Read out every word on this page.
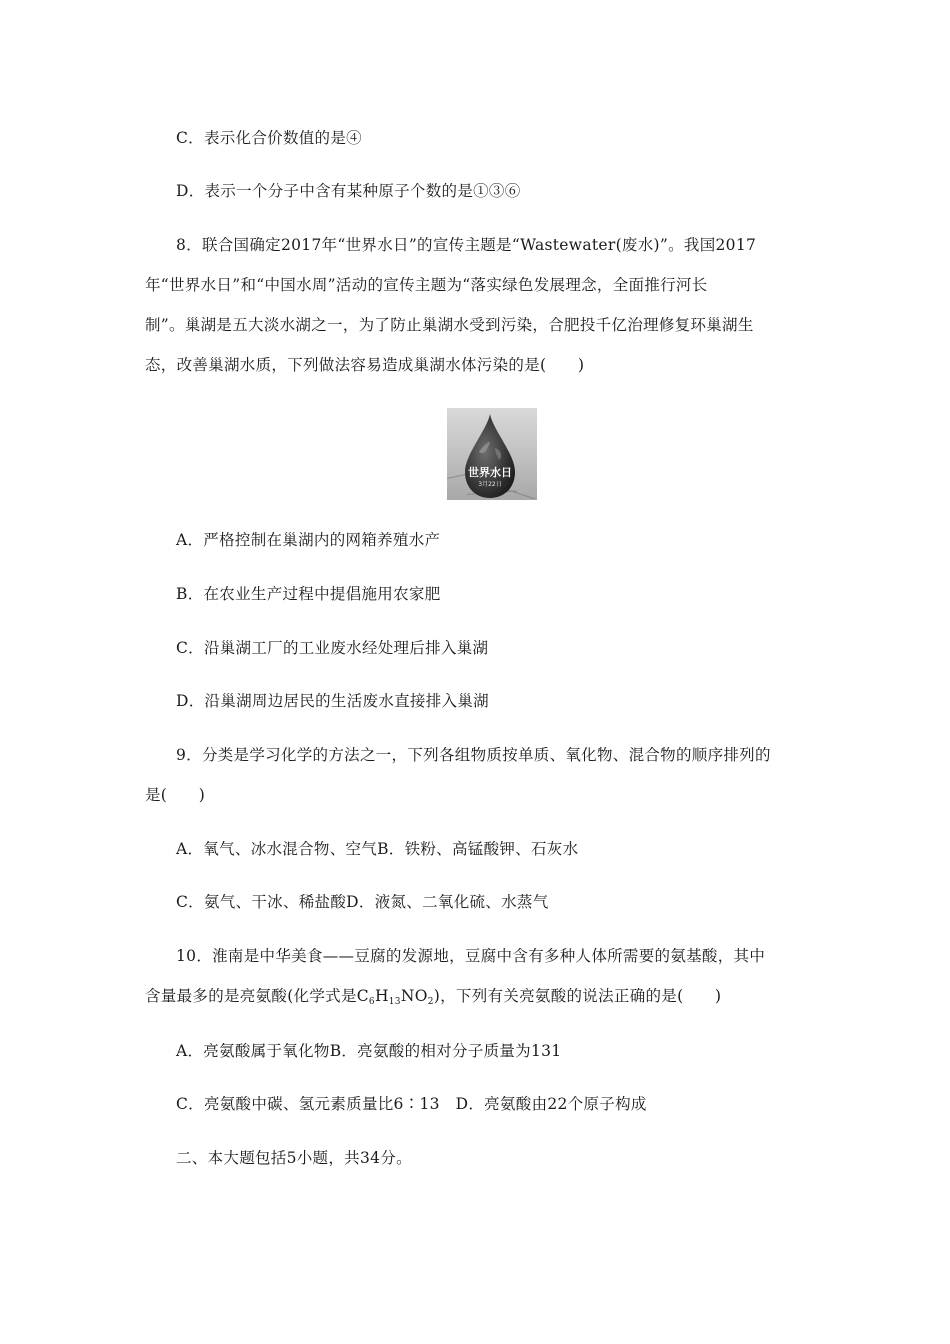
C．表示化合价数值的是④
D．表示一个分子中含有某种原子个数的是①③⑥
8．联合国确定2017年“世界水日”的宣传主题是“Wastewater(废水)”。我国2017
年“世界水日”和“中国水周”活动的宣传主题为“落实绿色发展理念，全面推行河长
制”。巢湖是五大淡水湖之一，为了防止巢湖水受到污染，合肥投千亿治理修复环巢湖生
态，改善巢湖水质，下列做法容易造成巢湖水体污染的是(　　)
世界水日
3月22日
A．严格控制在巢湖内的网箱养殖水产
B．在农业生产过程中提倡施用农家肥
C．沿巢湖工厂的工业废水经处理后排入巢湖
D．沿巢湖周边居民的生活废水直接排入巢湖
9．分类是学习化学的方法之一，下列各组物质按单质、氧化物、混合物的顺序排列的
是(　　)
A．氧气、冰水混合物、空气B．铁粉、高锰酸钾、石灰水
C．氨气、干冰、稀盐酸D．液氮、二氧化硫、水蒸气
10．淮南是中华美食——豆腐的发源地，豆腐中含有多种人体所需要的氨基酸，其中
含量最多的是亮氨酸(化学式是$C_6H_{13}NO_2$)，下列有关亮氨酸的说法正确的是(　　)
A．亮氨酸属于氧化物B．亮氨酸的相对分子质量为131
C．亮氨酸中碳、氢元素质量比6∶13　D．亮氨酸由22个原子构成
二、本大题包括5小题，共34分。
